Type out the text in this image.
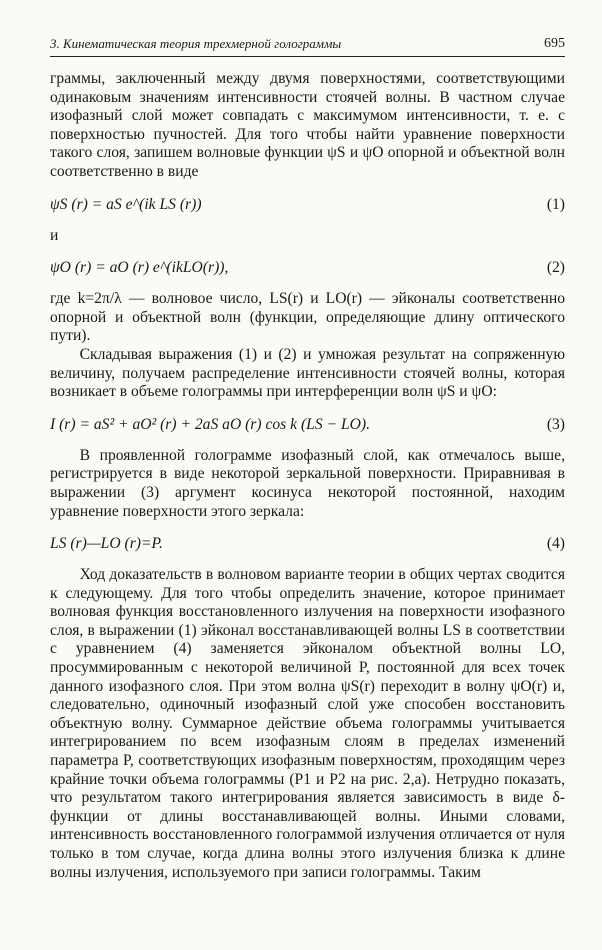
3. Кинематическая теория трехмерной голограммы	695

граммы, заключенный между двумя поверхностями, соответствующими одинаковым значениям интенсивности стоячей волны. В частном случае изофазный слой может совпадать с максимумом интенсивности, т. е. с поверхностью пучностей. Для того чтобы найти уравнение поверхности такого слоя, запишем волновые функции ψS и ψO опорной и объектной волн соответственно в виде

ψS (r) = aS e^(ik LS (r))	(1)

и

ψO (r) = aO (r) e^(ikLO(r)),	(2)

где k=2π/λ — волновое число, LS(r) и LO(r) — эйконалы соответственно опорной и объектной волн (функции, определяющие длину оптического пути).

Складывая выражения (1) и (2) и умножая результат на сопряженную величину, получаем распределение интенсивности стоячей волны, которая возникает в объеме голограммы при интерференции волн ψS и ψO:

I (r) = aS² + aO² (r) + 2aS aO (r) cos k (LS − LO).	(3)

В проявленной голограмме изофазный слой, как отмечалось выше, регистрируется в виде некоторой зеркальной поверхности. Приравнивая в выражении (3) аргумент косинуса некоторой постоянной, находим уравнение поверхности этого зеркала:

LS (r)—LO (r)=P.	(4)

Ход доказательств в волновом варианте теории в общих чертах сводится к следующему. Для того чтобы определить значение, которое принимает волновая функция восстановленного излучения на поверхности изофазного слоя, в выражении (1) эйконал восстанавливающей волны LS в соответствии с уравнением (4) заменяется эйконалом объектной волны LO, просуммированным с некоторой величиной P, постоянной для всех точек данного изофазного слоя. При этом волна ψS(r) переходит в волну ψO(r) и, следовательно, одиночный изофазный слой уже способен восстановить объектную волну. Суммарное действие объема голограммы учитывается интегрированием по всем изофазным слоям в пределах изменений параметра P, соответствующих изофазным поверхностям, проходящим через крайние точки объема голограммы (P1 и P2 на рис. 2,а). Нетрудно показать, что результатом такого интегрирования является зависимость в виде δ-функции от длины восстанавливающей волны. Иными словами, интенсивность восстановленного голограммой излучения отличается от нуля только в том случае, когда длина волны этого излучения близка к длине волны излучения, используемого при записи голограммы. Таким
